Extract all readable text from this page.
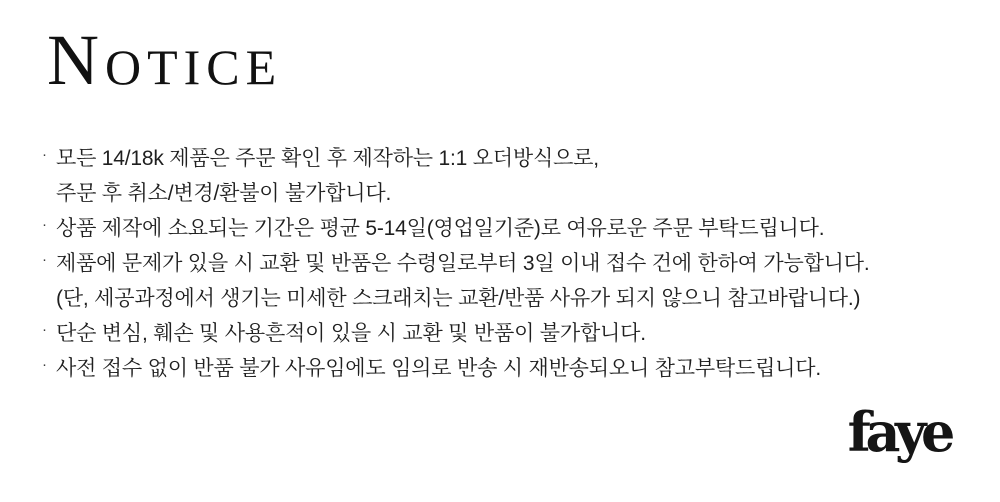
Notice
· 모든 14/18k 제품은 주문 확인 후 제작하는 1:1 오더방식으로,
주문 후 취소/변경/환불이 불가합니다.
· 상품 제작에 소요되는 기간은 평균 5-14일(영업일기준)로 여유로운 주문 부탁드립니다.
· 제품에 문제가 있을 시 교환 및 반품은 수령일로부터 3일 이내 접수 건에 한하여 가능합니다.
(단, 세공과정에서 생기는 미세한 스크래치는 교환/반품 사유가 되지 않으니 참고바랍니다.)
· 단순 변심, 훼손 및 사용흔적이 있을 시 교환 및 반품이 불가합니다.
· 사전 접수 없이 반품 불가 사유임에도 임의로 반송 시 재반송되오니 참고부탁드립니다.
faye
